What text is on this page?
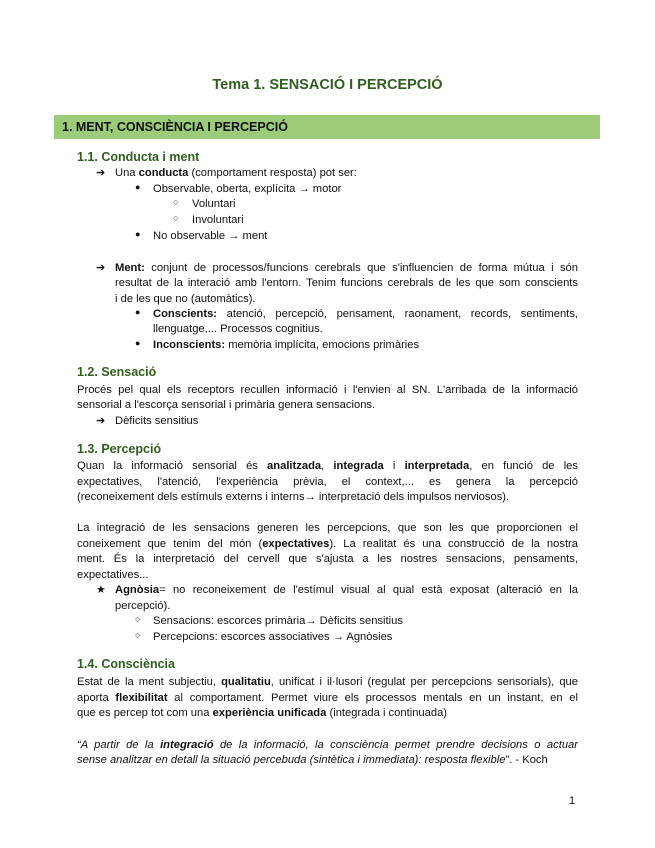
Tema 1. SENSACIÓ I PERCEPCIÓ
1. MENT, CONSCIÈNCIA I PERCEPCIÓ
1.1. Conducta i ment
➔ Una conducta (comportament resposta) pot ser:
● Observable, oberta, explícita → motor
○ Voluntari
○ Involuntari
● No observable → ment
➔ Ment: conjunt de processos/funcions cerebrals que s'influencien de forma mútua i són
resultat de la interació amb l'entorn. Tenim funcions cerebrals de les que som conscients
i de les que no (automàtics).
● Conscients: atenció, percepció, pensament, raonament, records, sentiments,
llenguatge,... Processos cognitius.
● Inconscients: memòria implícita, emocions primàries
1.2. Sensació
Procés pel qual els receptors recullen informació i l'envien al SN. L'arribada de la informació
sensorial a l'escorça sensorial i primària genera sensacions.
➔ Dèficits sensitius
1.3. Percepció
Quan la informació sensorial és analitzada, integrada i interpretada, en funció de les
expectatives, l'atenció, l'experiència prèvia, el context,... es genera la percepció
(reconeixement dels estímuls externs i interns→ interpretació dels impulsos nerviosos).
La integració de les sensacions generen les percepcions, que son les que proporcionen el
coneixement que tenim del món (expectatives). La realitat és una construcció de la nostra
ment. És la interpretació del cervell que s'ajusta a les nostres sensacions, pensaments,
expectatives...
★ Agnòsia= no reconeixement de l'estímul visual al qual està exposat (alteració en la
percepció).
○ Sensacions: escorces primària→ Dèficits sensitius
○ Percepcions: escorces associatives → Agnòsies
1.4. Consciència
Estat de la ment subjectiu, qualitatiu, unificat i il·lusori (regulat per percepcions sensorials), que
aporta flexibilitat al comportament. Permet viure els processos mentals en un instant, en el
que es percep tot com una experiència unificada (integrada i continuada)
“A partir de la integració de la informació, la consciència permet prendre decisions o actuar
sense analitzar en detall la situació percebuda (sintètica i immediata): resposta flexible”. - Koch
1
